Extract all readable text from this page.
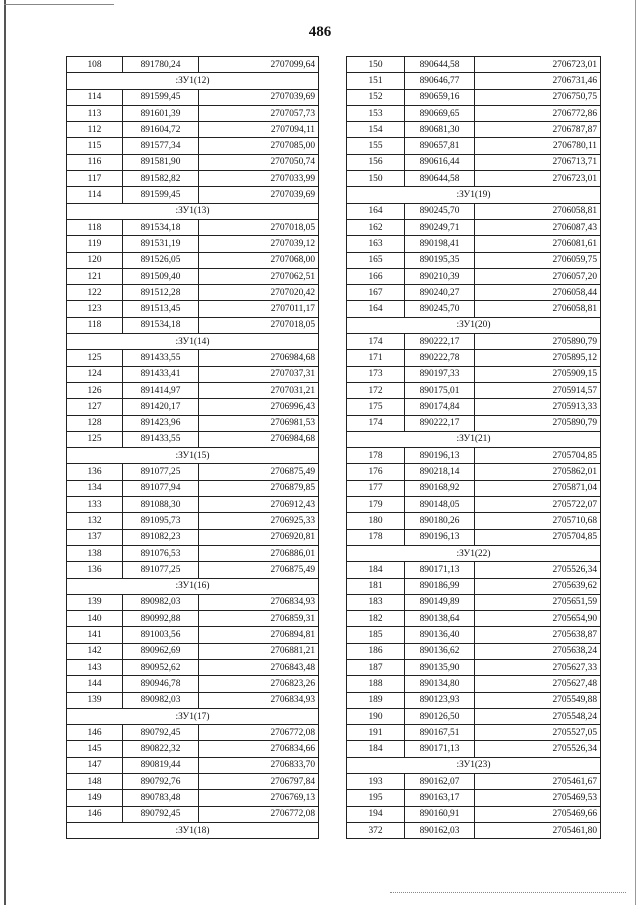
486
108	891780,24	2707099,64
:ЗУ1(12)		
114	891599,45	2707039,69
113	891601,39	2707057,73
112	891604,72	2707094,11
115	891577,34	2707085,00
116	891581,90	2707050,74
117	891582,82	2707033,99
114	891599,45	2707039,69
:ЗУ1(13)		
118	891534,18	2707018,05
119	891531,19	2707039,12
120	891526,05	2707068,00
121	891509,40	2707062,51
122	891512,28	2707020,42
123	891513,45	2707011,17
118	891534,18	2707018,05
:ЗУ1(14)		
125	891433,55	2706984,68
124	891433,41	2707037,31
126	891414,97	2707031,21
127	891420,17	2706996,43
128	891423,96	2706981,53
125	891433,55	2706984,68
:ЗУ1(15)		
136	891077,25	2706875,49
134	891077,94	2706879,85
133	891088,30	2706912,43
132	891095,73	2706925,33
137	891082,23	2706920,81
138	891076,53	2706886,01
136	891077,25	2706875,49
:ЗУ1(16)		
139	890982,03	2706834,93
140	890992,88	2706859,31
141	891003,56	2706894,81
142	890962,69	2706881,21
143	890952,62	2706843,48
144	890946,78	2706823,26
139	890982,03	2706834,93
:ЗУ1(17)		
146	890792,45	2706772,08
145	890822,32	2706834,66
147	890819,44	2706833,70
148	890792,76	2706797,84
149	890783,48	2706769,13
146	890792,45	2706772,08
:ЗУ1(18)		
150	890644,58	2706723,01
151	890646,77	2706731,46
152	890659,16	2706750,75
153	890669,65	2706772,86
154	890681,30	2706787,87
155	890657,81	2706780,11
156	890616,44	2706713,71
150	890644,58	2706723,01
:ЗУ1(19)		
164	890245,70	2706058,81
162	890249,71	2706087,43
163	890198,41	2706081,61
165	890195,35	2706059,75
166	890210,39	2706057,20
167	890240,27	2706058,44
164	890245,70	2706058,81
:ЗУ1(20)		
174	890222,17	2705890,79
171	890222,78	2705895,12
173	890197,33	2705909,15
172	890175,01	2705914,57
175	890174,84	2705913,33
174	890222,17	2705890,79
:ЗУ1(21)		
178	890196,13	2705704,85
176	890218,14	2705862,01
177	890168,92	2705871,04
179	890148,05	2705722,07
180	890180,26	2705710,68
178	890196,13	2705704,85
:ЗУ1(22)		
184	890171,13	2705526,34
181	890186,99	2705639,62
183	890149,89	2705651,59
182	890138,64	2705654,90
185	890136,40	2705638,87
186	890136,62	2705638,24
187	890135,90	2705627,33
188	890134,80	2705627,48
189	890123,93	2705549,88
190	890126,50	2705548,24
191	890167,51	2705527,05
184	890171,13	2705526,34
:ЗУ1(23)		
193	890162,07	2705461,67
195	890163,17	2705469,53
194	890160,91	2705469,66
372	890162,03	2705461,80
